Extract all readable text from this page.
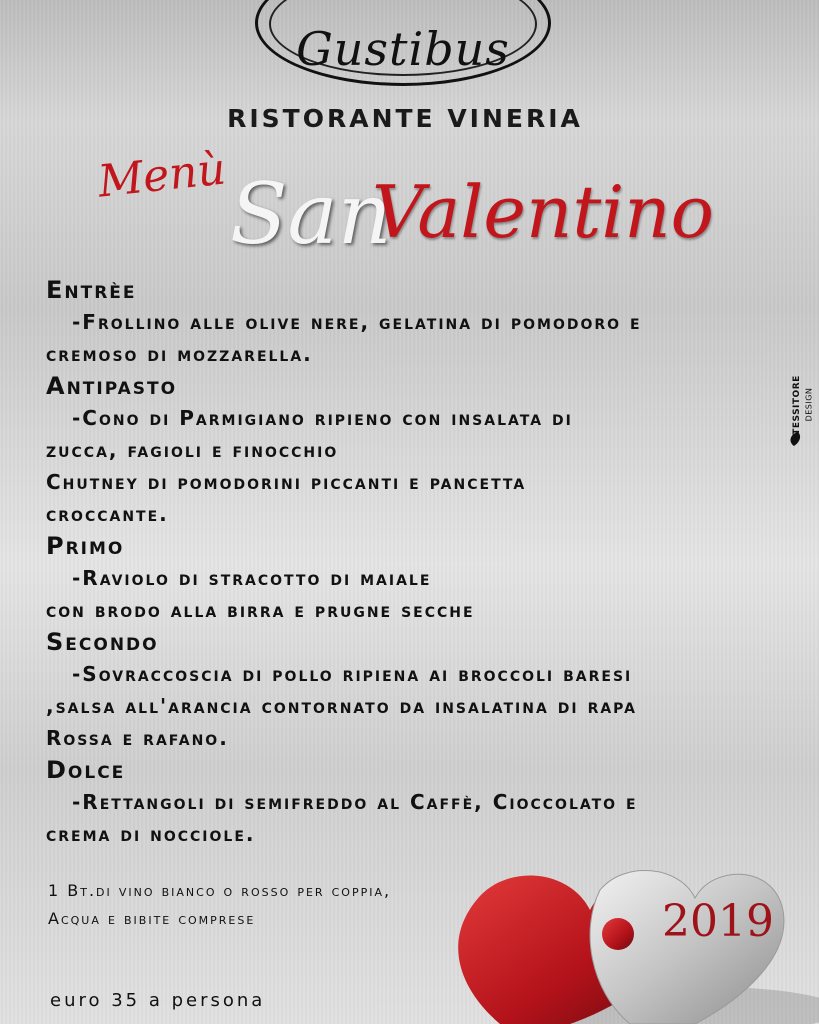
Gustibus
RISTORANTE VINERIA
Menù San
Valentino
Entrèe
-Frollino alle olive nere, gelatina di pomodoro e
cremoso di mozzarella.
Antipasto
-Cono di Parmigiano ripieno con insalata di
zucca, fagioli e finocchio
Chutney di pomodorini piccanti e pancetta
croccante.
Primo
-Raviolo di stracotto di maiale
con brodo alla birra e prugne secche
Secondo
-Sovraccoscia di pollo ripiena ai broccoli baresi
,salsa all'arancia contornato da insalatina di rapa
Rossa e rafano.
Dolce
-Rettangoli di semifreddo al Caffè, Cioccolato e
crema di nocciole.
TESSITORE DESIGN
1 Bt.di vino bianco o rosso per coppia,
Acqua e bibite comprese	2019
euro 35 a persona
